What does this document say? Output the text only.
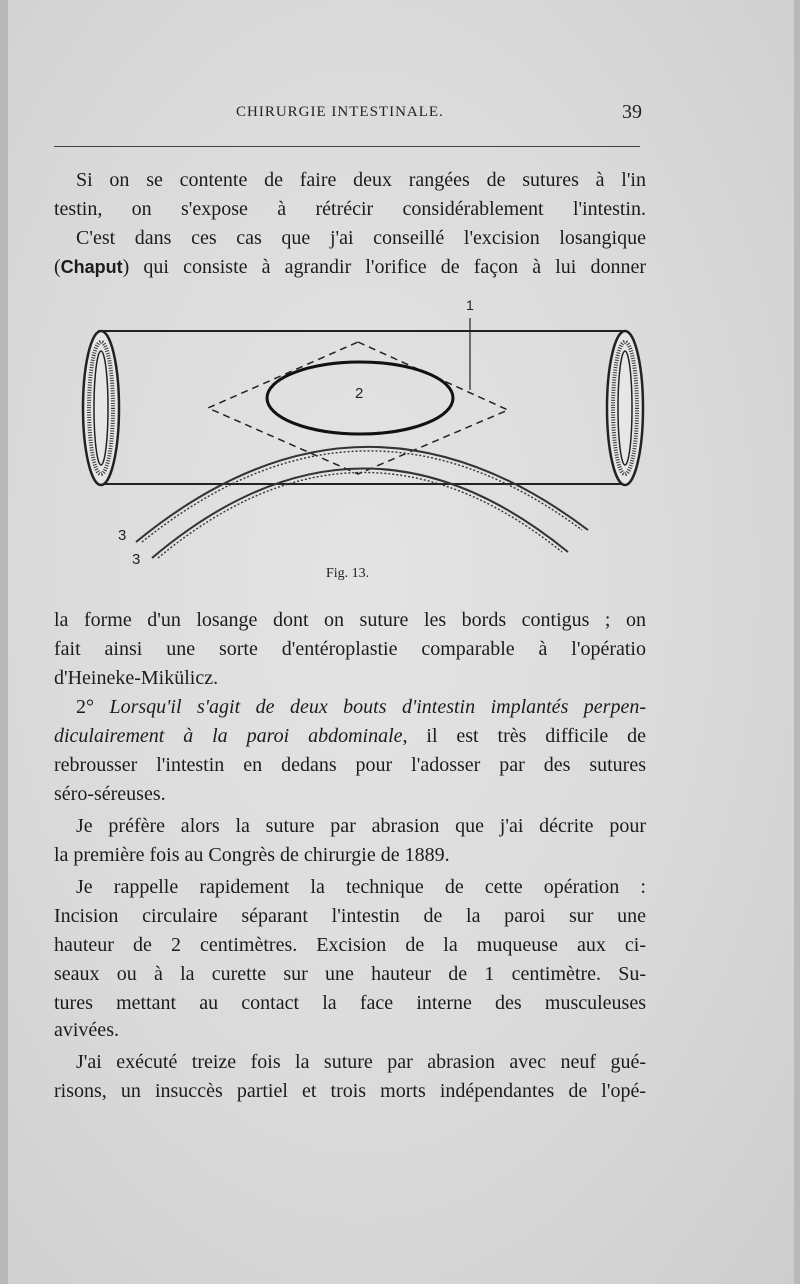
CHIRURGIE INTESTINALE.	39

Si on se contente de faire deux rangées de sutures à l'in

testin, on s'expose à rétrécir considérablement l'intestin.

C'est dans ces cas que j'ai conseillé l'excision losangique

(Chaput) qui consiste à agrandir l'orifice de façon à lui donner

1
2
3
3
Fig. 13.

la forme d'un losange dont on suture les bords contigus ; on

fait ainsi une sorte d'entéroplastie comparable à l'opératio

d'Heineke-Mikülicz.

2° Lorsqu'il s'agit de deux bouts d'intestin implantés perpen-

diculairement à la paroi abdominale, il est très difficile de

rebrousser l'intestin en dedans pour l'adosser par des sutures

séro-séreuses.

Je préfère alors la suture par abrasion que j'ai décrite pour

la première fois au Congrès de chirurgie de 1889.

Je rappelle rapidement la technique de cette opération :

Incision circulaire séparant l'intestin de la paroi sur une

hauteur de 2 centimètres. Excision de la muqueuse aux ci-

seaux ou à la curette sur une hauteur de 1 centimètre. Su-

tures mettant au contact la face interne des musculeuses

avivées.

J'ai exécuté treize fois la suture par abrasion avec neuf gué-

risons, un insuccès partiel et trois morts indépendantes de l'opé-
